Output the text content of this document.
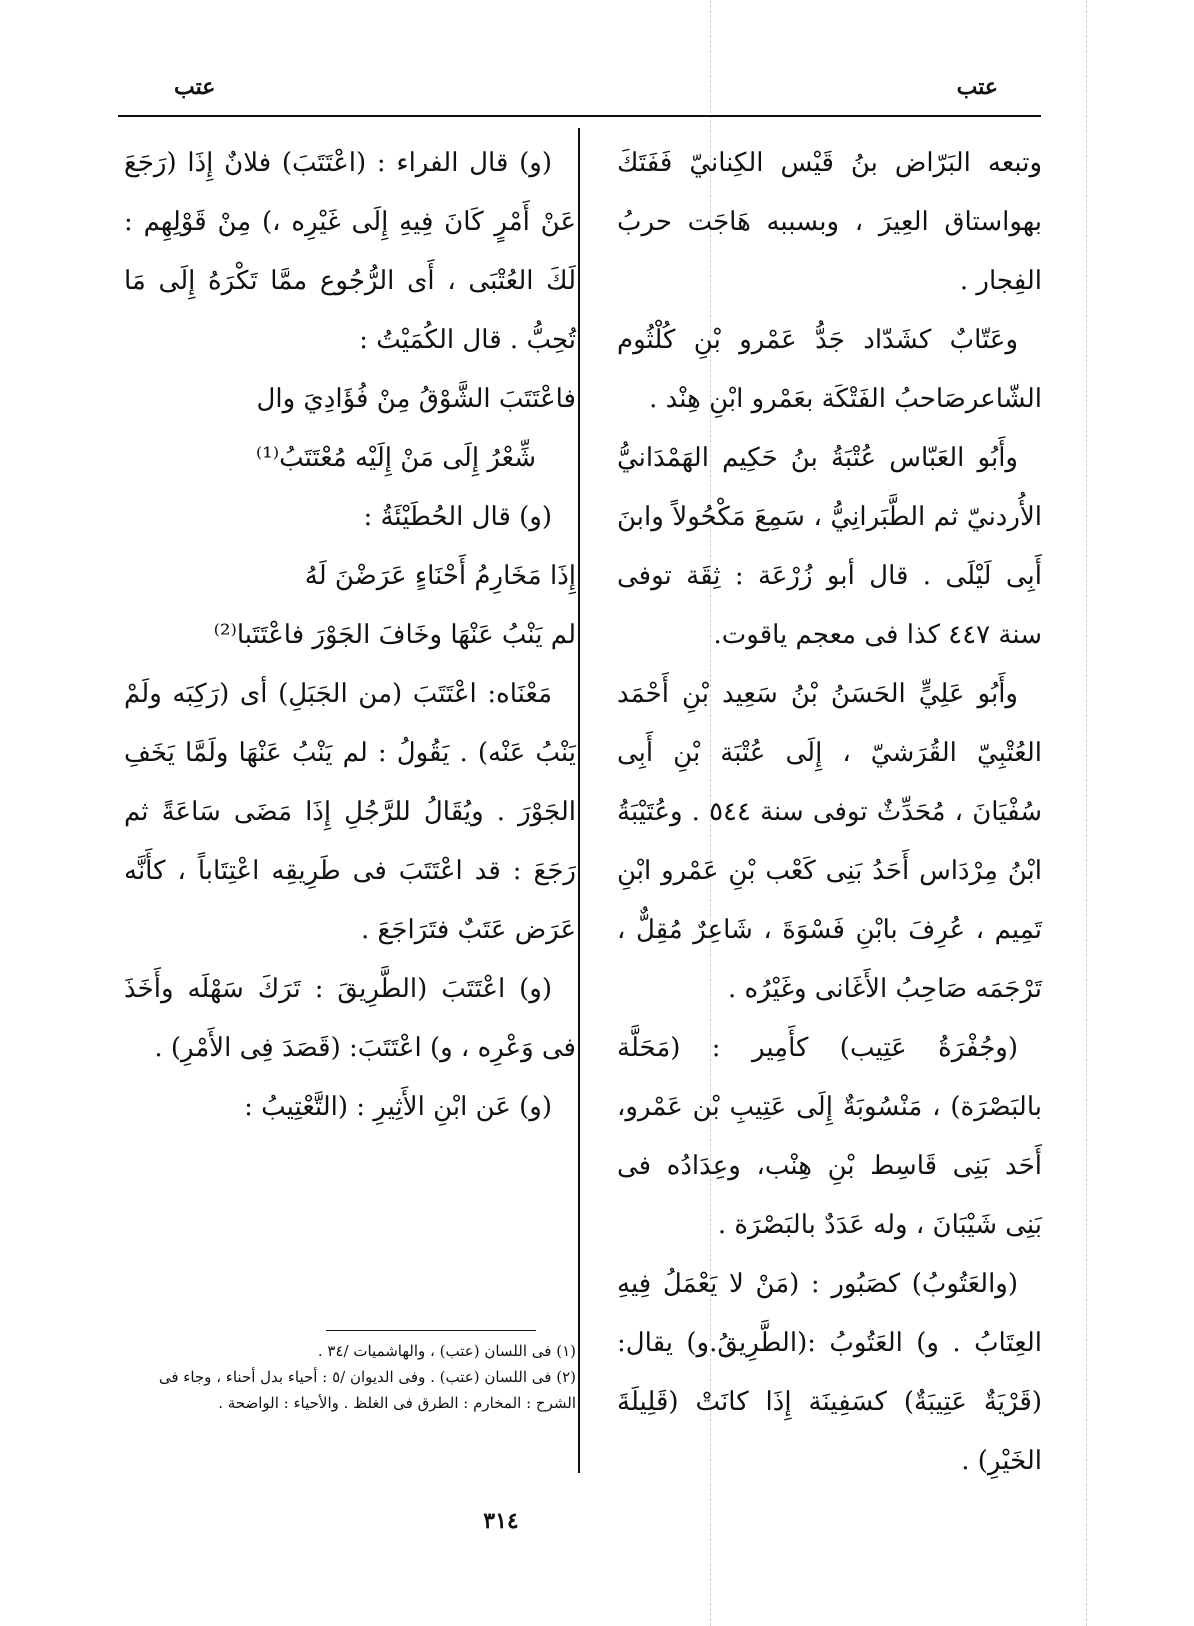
عتب
عتب

وتبعه البَرّاض بنُ قَيْس الكِنانيّ فَفَتَكَ بهواستاق العِيرَ ، وبسببه هَاجَت حربُ الفِجار .

وعَتّابٌ كشَدّاد جَدُّ عَمْرو بْنِ كُلْثُوم الشّاعرصَاحبُ الفَتْكَة بعَمْرو ابْنِ هِنْد .

وأَبُو العَبّاس عُتْبَةُ بنُ حَكِيم الهَمْدَانيُّ الأُردنيّ ثم الطَّبَرانِيُّ ، سَمِعَ مَكْحُولاً وابنَ أَبِى لَيْلَى . قال أبو زُرْعَة : ثِقَة توفى سنة ٤٤٧ كذا فى معجم ياقوت.

وأَبُو عَلِيٍّ الحَسَنُ بْنُ سَعِيد بْنِ أَحْمَد العُتْبِيّ القُرَشيّ ، إِلَى عُتْبَة بْنِ أَبِى سُفْيَانَ ، مُحَدِّثٌ توفى سنة ٥٤٤ . وعُتَيْبَةُ ابْنُ مِرْدَاس أَحَدُ بَنِى كَعْب بْنِ عَمْرو ابْنِ تَمِيم ، عُرِفَ بابْنِ فَسْوَةَ ، شَاعِرٌ مُقِلٌّ ، تَرْجَمَه صَاحِبُ الأَغَانى وغَيْرُه .

(وجُفْرَةُ عَتِيب) كأَمِير : (مَحَلَّة بالبَصْرَة) ، مَنْسُوبَةٌ إِلَى عَتِيبِ بْن عَمْرو، أَحَد بَنِى قَاسِط بْنِ هِنْب، وعِدَادُه فى بَنِى شَيْبَانَ ، وله عَدَدٌ بالبَصْرَة .

(والعَتُوبُ) كصَبُور : (مَنْ لا يَعْمَلُ فِيهِ العِتَابُ . و) العَتُوبُ :(الطَّرِيقُ.و) يقال: (قَرْيَةٌ عَتِيبَةٌ) كسَفِينَة إِذَا كانَتْ (قَلِيلَةَ الخَيْرِ) .

(و) قال الفراء : (اعْتَتَبَ) فلانٌ إِذَا (رَجَعَ عَنْ أَمْرٍ كَانَ فِيهِ إِلَى غَيْرِه ،) مِنْ قَوْلِهِم : لَكَ العُتْبَى ، أَى الرُّجُوع ممَّا تَكْرَهُ إِلَى مَا تُحِبُّ . قال الكُمَيْتُ :

فاعْتَتَبَ الشَّوْقُ مِنْ فُؤَادِيَ وال

شِّعْرُ إِلَى مَنْ إِلَيْه مُعْتَتَبُ⁽¹⁾

(و) قال الحُطَيْئَةُ :

إِذَا مَخَارِمُ أَحْنَاءٍ عَرَضْنَ لَهُ

لم يَنْبُ عَنْهَا وخَافَ الجَوْرَ فاعْتَتَبا⁽²⁾

مَعْنَاه: اعْتَتَبَ (من الجَبَلِ) أى (رَكِبَه ولَمْ يَنْبُ عَنْه) . يَقُولُ : لم يَنْبُ عَنْهَا ولَمَّا يَخَفِ الجَوْرَ . ويُقَالُ للرَّجُلِ إِذَا مَضَى سَاعَةً ثم رَجَعَ : قد اعْتَتَبَ فى طَرِيقِه اعْتِتَاباً ، كأَنَّه عَرَض عَتَبٌ فتَرَاجَعَ .

(و) اعْتَتَبَ (الطَّرِيقَ : تَرَكَ سَهْلَه وأَخَذَ فى وَعْرِه ، و) اعْتَتَبَ: (قَصَدَ فِى الأَمْرِ) .

(و) عَن ابْنِ الأَثِيرِ : (التَّعْتِيبُ :

(١) فى اللسان (عتب) ، والهاشميات /٣٤ .
(٢) فى اللسان (عتب) . وفى الديوان /٥ : أحياء بدل أحناء ، وجاء فى الشرح : المخارم : الطرق فى الغلظ . والأحياء : الواضحة .
٣١٤
